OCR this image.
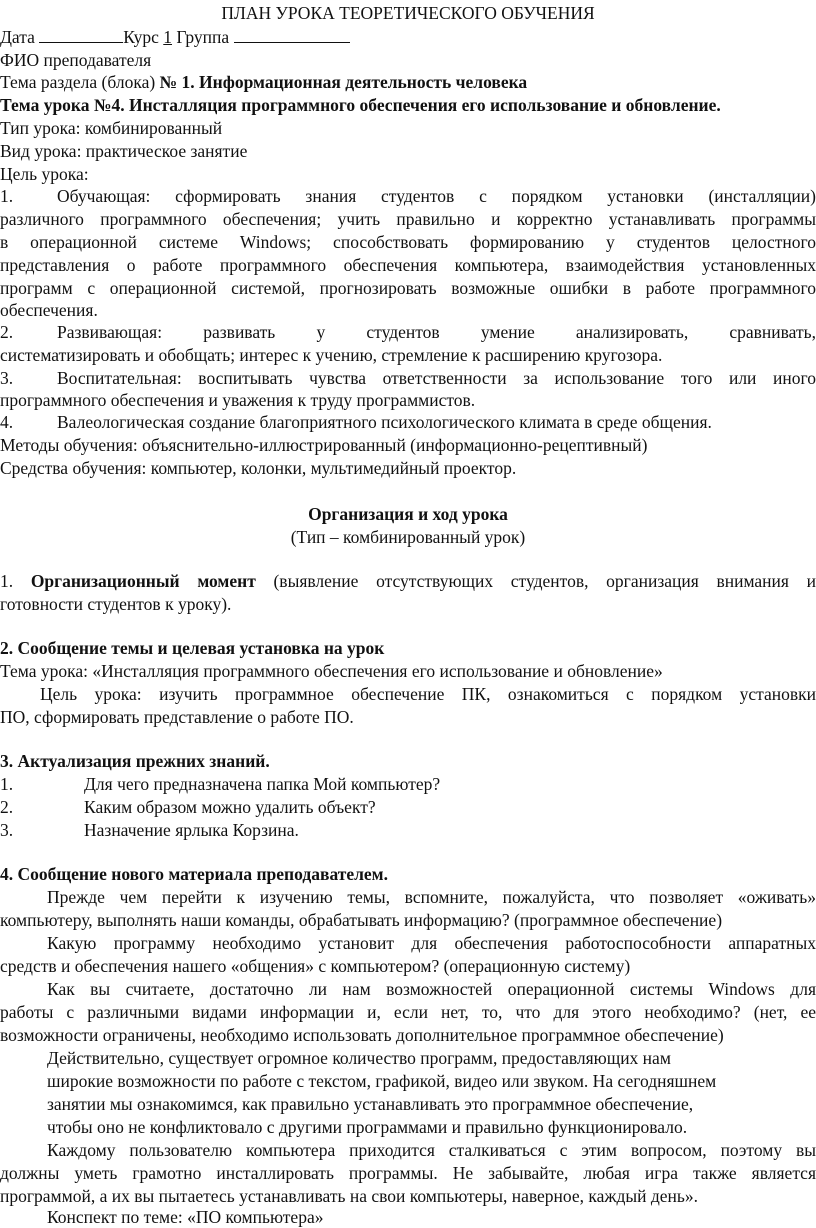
ПЛАН УРОКА ТЕОРЕТИЧЕСКОГО ОБУЧЕНИЯ
Дата	Курс 1 Группа
ФИО преподавателя
Тема раздела (блока) № 1. Информационная деятельность человека
Тема урока №4. Инсталляция программного обеспечения его использование и обновление.
Тип урока: комбинированный
Вид урока: практическое занятие
Цель урока:
1.	Обучающая: сформировать знания студентов с порядком установки (инсталляции)
различного программного обеспечения; учить правильно и корректно устанавливать программы
в операционной системе Windows; способствовать формированию у студентов целостного
представления о работе программного обеспечения компьютера, взаимодействия установленных
программ с операционной системой, прогнозировать возможные ошибки в работе программного
обеспечения.
2.	Развивающая: развивать у студентов умение анализировать, сравнивать,
систематизировать и обобщать; интерес к учению, стремление к расширению кругозора.
3.	Воспитательная: воспитывать чувства ответственности за использование того или иного
программного обеспечения и уважения к труду программистов.
4.	Валеологическая создание благоприятного психологического климата в среде общения.
Методы обучения: объяснительно-иллюстрированный (информационно-рецептивный)
Средства обучения: компьютер, колонки, мультимедийный проектор.
Организация и ход урока
(Тип – комбинированный урок)
1. Организационный момент (выявление отсутствующих студентов, организация внимания и
готовности студентов к уроку).
2. Сообщение темы и целевая установка на урок
Тема урока: «Инсталляция программного обеспечения его использование и обновление»
Цель урока: изучить программное обеспечение ПК, ознакомиться с порядком установки
ПО, сформировать представление о работе ПО.
3. Актуализация прежних знаний.
1.	Для чего предназначена папка Мой компьютер?
2.	Каким образом можно удалить объект?
3.	Назначение ярлыка Корзина.
4. Сообщение нового материала преподавателем.
Прежде чем перейти к изучению темы, вспомните, пожалуйста, что позволяет «оживать»
компьютеру, выполнять наши команды, обрабатывать информацию? (программное обеспечение)
Какую программу необходимо установит для обеспечения работоспособности аппаратных
средств и обеспечения нашего «общения» с компьютером? (операционную систему)
Как вы считаете, достаточно ли нам возможностей операционной системы Windows для
работы с различными видами информации и, если нет, то, что для этого необходимо? (нет, ее
возможности ограничены, необходимо использовать дополнительное программное обеспечение)
Действительно, существует огромное количество программ, предоставляющих нам
широкие возможности по работе с текстом, графикой, видео или звуком. На сегодняшнем
занятии мы ознакомимся, как правильно устанавливать это программное обеспечение,
чтобы оно не конфликтовало с другими программами и правильно функционировало.
Каждому пользователю компьютера приходится сталкиваться с этим вопросом, поэтому вы
должны уметь грамотно инсталлировать программы. Не забывайте, любая игра также является
программой, а их вы пытаетесь устанавливать на свои компьютеры, наверное, каждый день».
Конспект по теме: «ПО компьютера»
